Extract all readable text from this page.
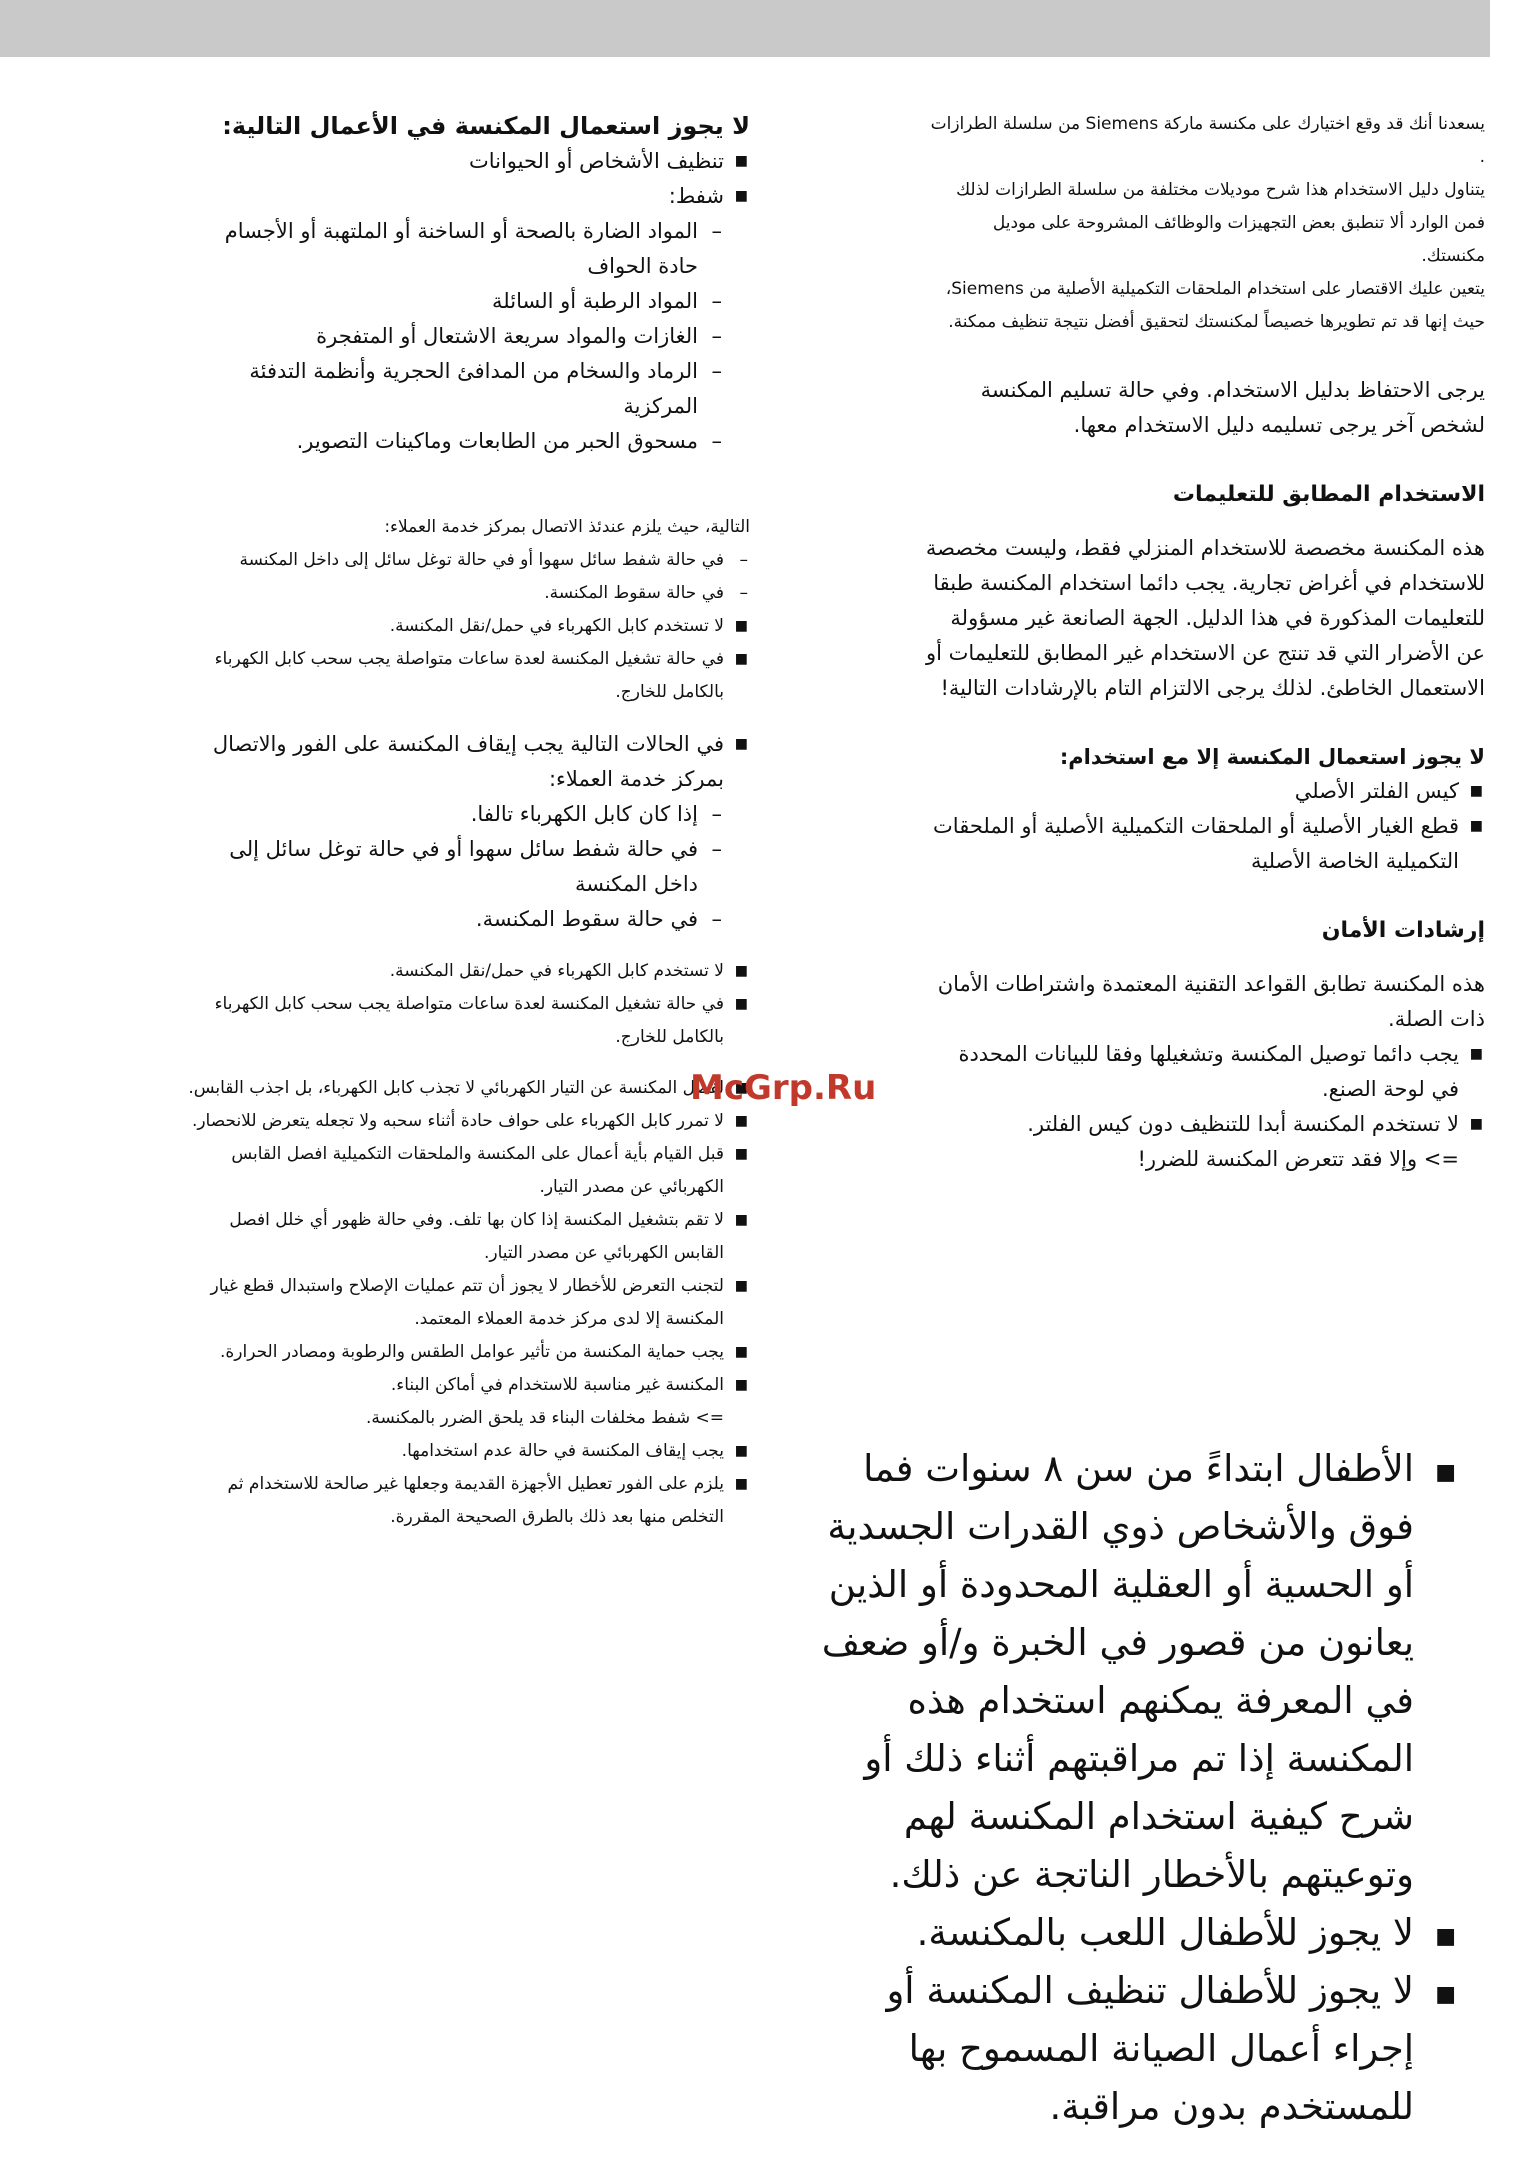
يسعدنا أنك قد وقع اختيارك على مكنسة ماركة Siemens من سلسلة الطرازات .

يتناول دليل الاستخدام هذا شرح موديلات مختلفة من سلسلة الطرازات لذلك فمن الوارد ألا تنطبق بعض التجهيزات والوظائف المشروحة على موديل مكنستك.

يتعين عليك الاقتصار على استخدام الملحقات التكميلية الأصلية من Siemens، حيث إنها قد تم تطويرها خصيصاً لمكنستك لتحقيق أفضل نتيجة تنظيف ممكنة.

يرجى الاحتفاظ بدليل الاستخدام. وفي حالة تسليم المكنسة لشخص آخر يرجى تسليمه دليل الاستخدام معها.

الاستخدام المطابق للتعليمات

هذه المكنسة مخصصة للاستخدام المنزلي فقط، وليست مخصصة للاستخدام في أغراض تجارية. يجب دائما استخدام المكنسة طبقا للتعليمات المذكورة في هذا الدليل. الجهة الصانعة غير مسؤولة عن الأضرار التي قد تنتج عن الاستخدام غير المطابق للتعليمات أو الاستعمال الخاطئ. لذلك يرجى الالتزام التام بالإرشادات التالية!

لا يجوز استعمال المكنسة إلا مع استخدام:

■ كيس الفلتر الأصلي
■ قطع الغيار الأصلية أو الملحقات التكميلية الأصلية أو الملحقات التكميلية الخاصة الأصلية
إرشادات الأمان

هذه المكنسة تطابق القواعد التقنية المعتمدة واشتراطات الأمان ذات الصلة.

■ يجب دائما توصيل المكنسة وتشغيلها وفقا للبيانات المحددة في لوحة الصنع.
■ لا تستخدم المكنسة أبدا للتنظيف دون كيس الفلتر.

=> وإلا فقد تتعرض المكنسة للضرر!

■ الأطفال ابتداءً من سن ٨ سنوات فما فوق والأشخاص ذوي القدرات الجسدية أو الحسية أو العقلية المحدودة أو الذين يعانون من قصور في الخبرة و/أو ضعف في المعرفة يمكنهم استخدام هذه المكنسة إذا تم مراقبتهم أثناء ذلك أو شرح كيفية استخدام المكنسة لهم وتوعيتهم بالأخطار الناتجة عن ذلك.
■ لا يجوز للأطفال اللعب بالمكنسة.
■ لا يجوز للأطفال تنظيف المكنسة أو إجراء أعمال الصيانة المسموح بها للمستخدم بدون مراقبة.
لا يجوز استعمال المكنسة في الأعمال التالية:
■ تنظيف الأشخاص أو الحيوانات
■ شفط:
– المواد الضارة بالصحة أو الساخنة أو الملتهبة أو الأجسام حادة الحواف
– المواد الرطبة أو السائلة
– الغازات والمواد سريعة الاشتعال أو المتفجرة
– الرماد والسخام من المدافئ الحجرية وأنظمة التدفئة المركزية
– مسحوق الحبر من الطابعات وماكينات التصوير.

التالية، حيث يلزم عندئذ الاتصال بمركز خدمة العملاء:

– في حالة شفط سائل سهوا أو في حالة توغل سائل إلى داخل المكنسة
– في حالة سقوط المكنسة.
■ لا تستخدم كابل الكهرباء في حمل/نقل المكنسة.
■ في حالة تشغيل المكنسة لعدة ساعات متواصلة يجب سحب كابل الكهرباء بالكامل للخارج.
■ في الحالات التالية يجب إيقاف المكنسة على الفور والاتصال بمركز خدمة العملاء:
– إذا كان كابل الكهرباء تالفا.
– في حالة شفط سائل سهوا أو في حالة توغل سائل إلى داخل المكنسة
– في حالة سقوط المكنسة.
■ لا تستخدم كابل الكهرباء في حمل/نقل المكنسة.
■ في حالة تشغيل المكنسة لعدة ساعات متواصلة يجب سحب كابل الكهرباء بالكامل للخارج.
■ لفصل المكنسة عن التيار الكهربائي لا تجذب كابل الكهرباء، بل اجذب القابس.
■ لا تمرر كابل الكهرباء على حواف حادة أثناء سحبه ولا تجعله يتعرض للانحصار.
■ قبل القيام بأية أعمال على المكنسة والملحقات التكميلية افصل القابس الكهربائي عن مصدر التيار.
■ لا تقم بتشغيل المكنسة إذا كان بها تلف. وفي حالة ظهور أي خلل افصل القابس الكهربائي عن مصدر التيار.
■ لتجنب التعرض للأخطار لا يجوز أن تتم عمليات الإصلاح واستبدال قطع غيار المكنسة إلا لدى مركز خدمة العملاء المعتمد.
■ يجب حماية المكنسة من تأثير عوامل الطقس والرطوبة ومصادر الحرارة.
■ المكنسة غير مناسبة للاستخدام في أماكن البناء.

=> شفط مخلفات البناء قد يلحق الضرر بالمكنسة.

■ يجب إيقاف المكنسة في حالة عدم استخدامها.
■ يلزم على الفور تعطيل الأجهزة القديمة وجعلها غير صالحة للاستخدام ثم التخلص منها بعد ذلك بالطرق الصحيحة المقررة.
McGrp.Ru
